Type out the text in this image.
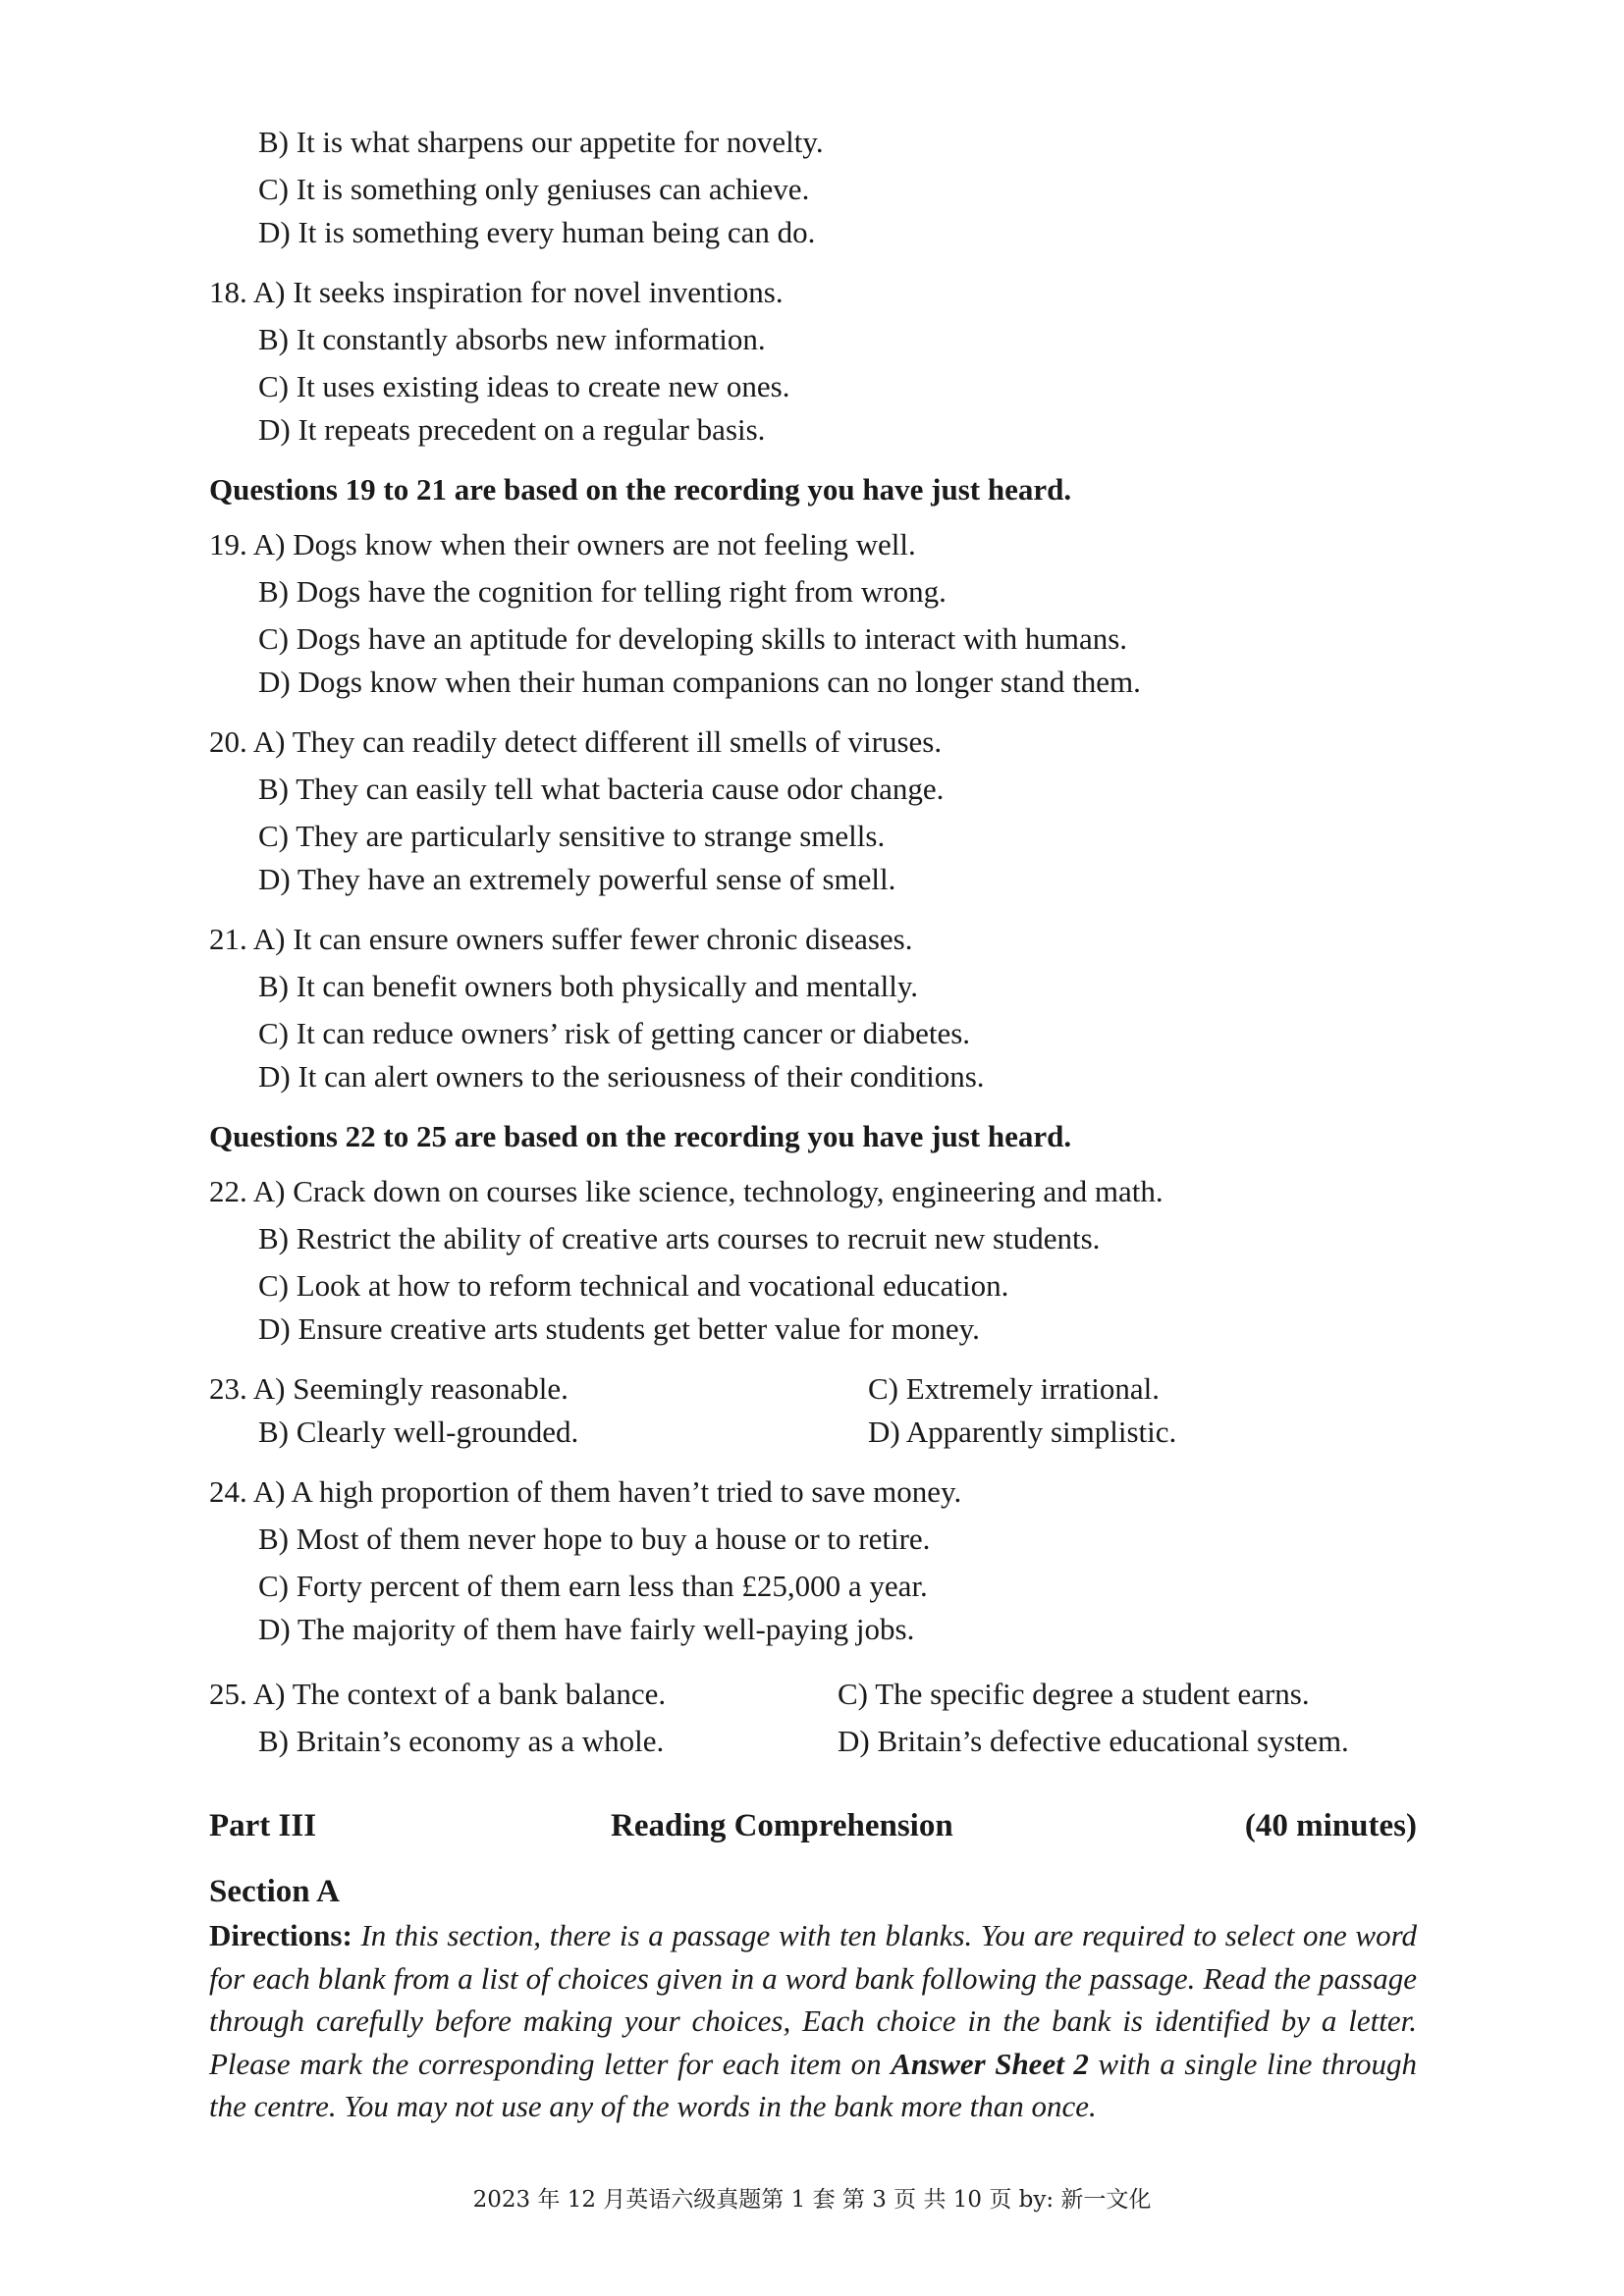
B) It is what sharpens our appetite for novelty.
C) It is something only geniuses can achieve.
D) It is something every human being can do.
18. A) It seeks inspiration for novel inventions.
B) It constantly absorbs new information.
C) It uses existing ideas to create new ones.
D) It repeats precedent on a regular basis.
Questions 19 to 21 are based on the recording you have just heard.
19. A) Dogs know when their owners are not feeling well.
B) Dogs have the cognition for telling right from wrong.
C) Dogs have an aptitude for developing skills to interact with humans.
D) Dogs know when their human companions can no longer stand them.
20. A) They can readily detect different ill smells of viruses.
B) They can easily tell what bacteria cause odor change.
C) They are particularly sensitive to strange smells.
D) They have an extremely powerful sense of smell.
21. A) It can ensure owners suffer fewer chronic diseases.
B) It can benefit owners both physically and mentally.
C) It can reduce owners’ risk of getting cancer or diabetes.
D) It can alert owners to the seriousness of their conditions.
Questions 22 to 25 are based on the recording you have just heard.
22. A) Crack down on courses like science, technology, engineering and math.
B) Restrict the ability of creative arts courses to recruit new students.
C) Look at how to reform technical and vocational education.
D) Ensure creative arts students get better value for money.
23. A) Seemingly reasonable.	C) Extremely irrational.
B) Clearly well-grounded.	D) Apparently simplistic.
24. A) A high proportion of them haven’t tried to save money.
B) Most of them never hope to buy a house or to retire.
C) Forty percent of them earn less than £25,000 a year.
D) The majority of them have fairly well-paying jobs.
25. A) The context of a bank balance.	C) The specific degree a student earns.
B) Britain’s economy as a whole.	D) Britain’s defective educational system.
Part III	Reading Comprehension	(40 minutes)
Section A
Directions: In this section, there is a passage with ten blanks. You are required to select one word for each blank from a list of choices given in a word bank following the passage. Read the passage through carefully before making your choices, Each choice in the bank is identified by a letter. Please mark the corresponding letter for each item on Answer Sheet 2 with a single line through the centre. You may not use any of the words in the bank more than once.
2023 年 12 月英语六级真题第 1 套 第 3 页 共 10 页 by: 新一文化
